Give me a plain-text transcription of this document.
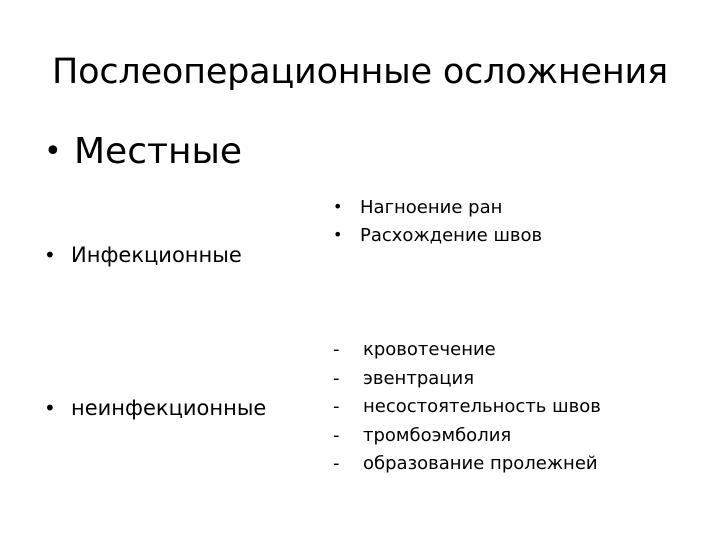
Послеоперационные осложнения
• Местные
• Инфекционные
• неинфекционные
• Нагноение ран
• Расхождение швов
- кровотечение
- эвентрация
- несостоятельность швов
- тромбоэмболия
- образование пролежней
